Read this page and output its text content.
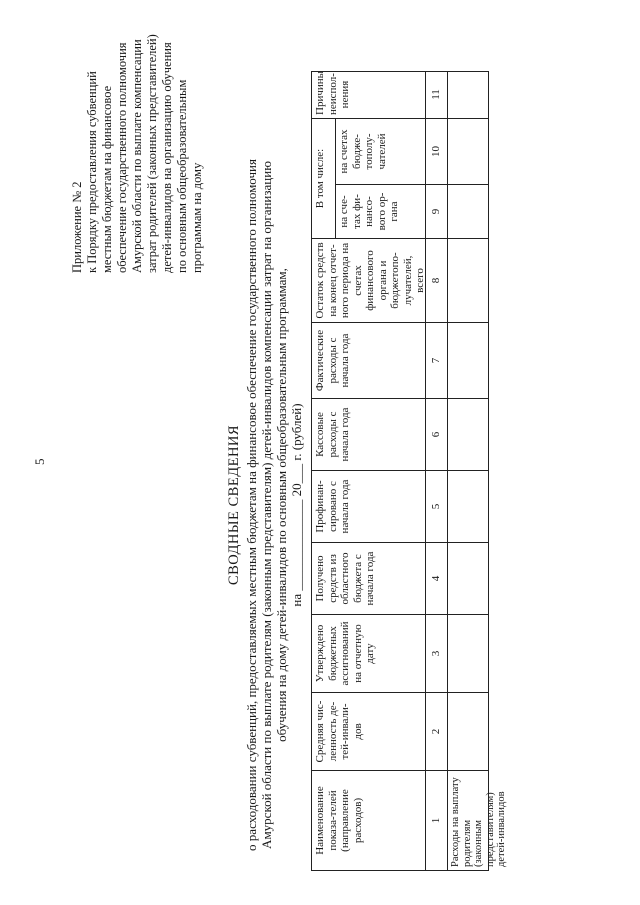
5
Приложение № 2 к Порядку предоставления субвенций местным бюджетам на финансовое обеспечение государственного полномочия Амурской области по выплате компенсации затрат родителей (законных представителей) детей-инвалидов на организацию обучения по основным общеобразовательным программам на дому
СВОДНЫЕ СВЕДЕНИЯ о расходовании субвенций, предоставляемых местным бюджетам на финансовое обеспечение государственного полномочия Амурской области по выплате родителям (законным представителям) детей-инвалидов компенсации затрат на организацию обучения на дому детей-инвалидов по основным общеобразовательным программам, на ______________ 20___ г. (рублей)
Наименование показа-телей (направление расходов)
Средняя чис-ленность де-тей-инвали-дов
Утверждено бюджетных ассигнований на отчетную дату
Получено средств из областного бюджета с начала года
Профинан-сировано с начала года
Кассовые расходы с начала года
Фактические расходы с начала года
Остаток средств на конец отчет-ного периода на счетах финансового органа и бюджетопо-лучателей, всего
В том числе:
на сче-тах фи-нансо-вого ор-гана
на счетах бюдже-тополу-чателей
Причины неиспол-нения
1
2
3
4
5
6
7
8
9
10
11
Расходы на выплату родителям (законным представителям) детей-инвалидов
